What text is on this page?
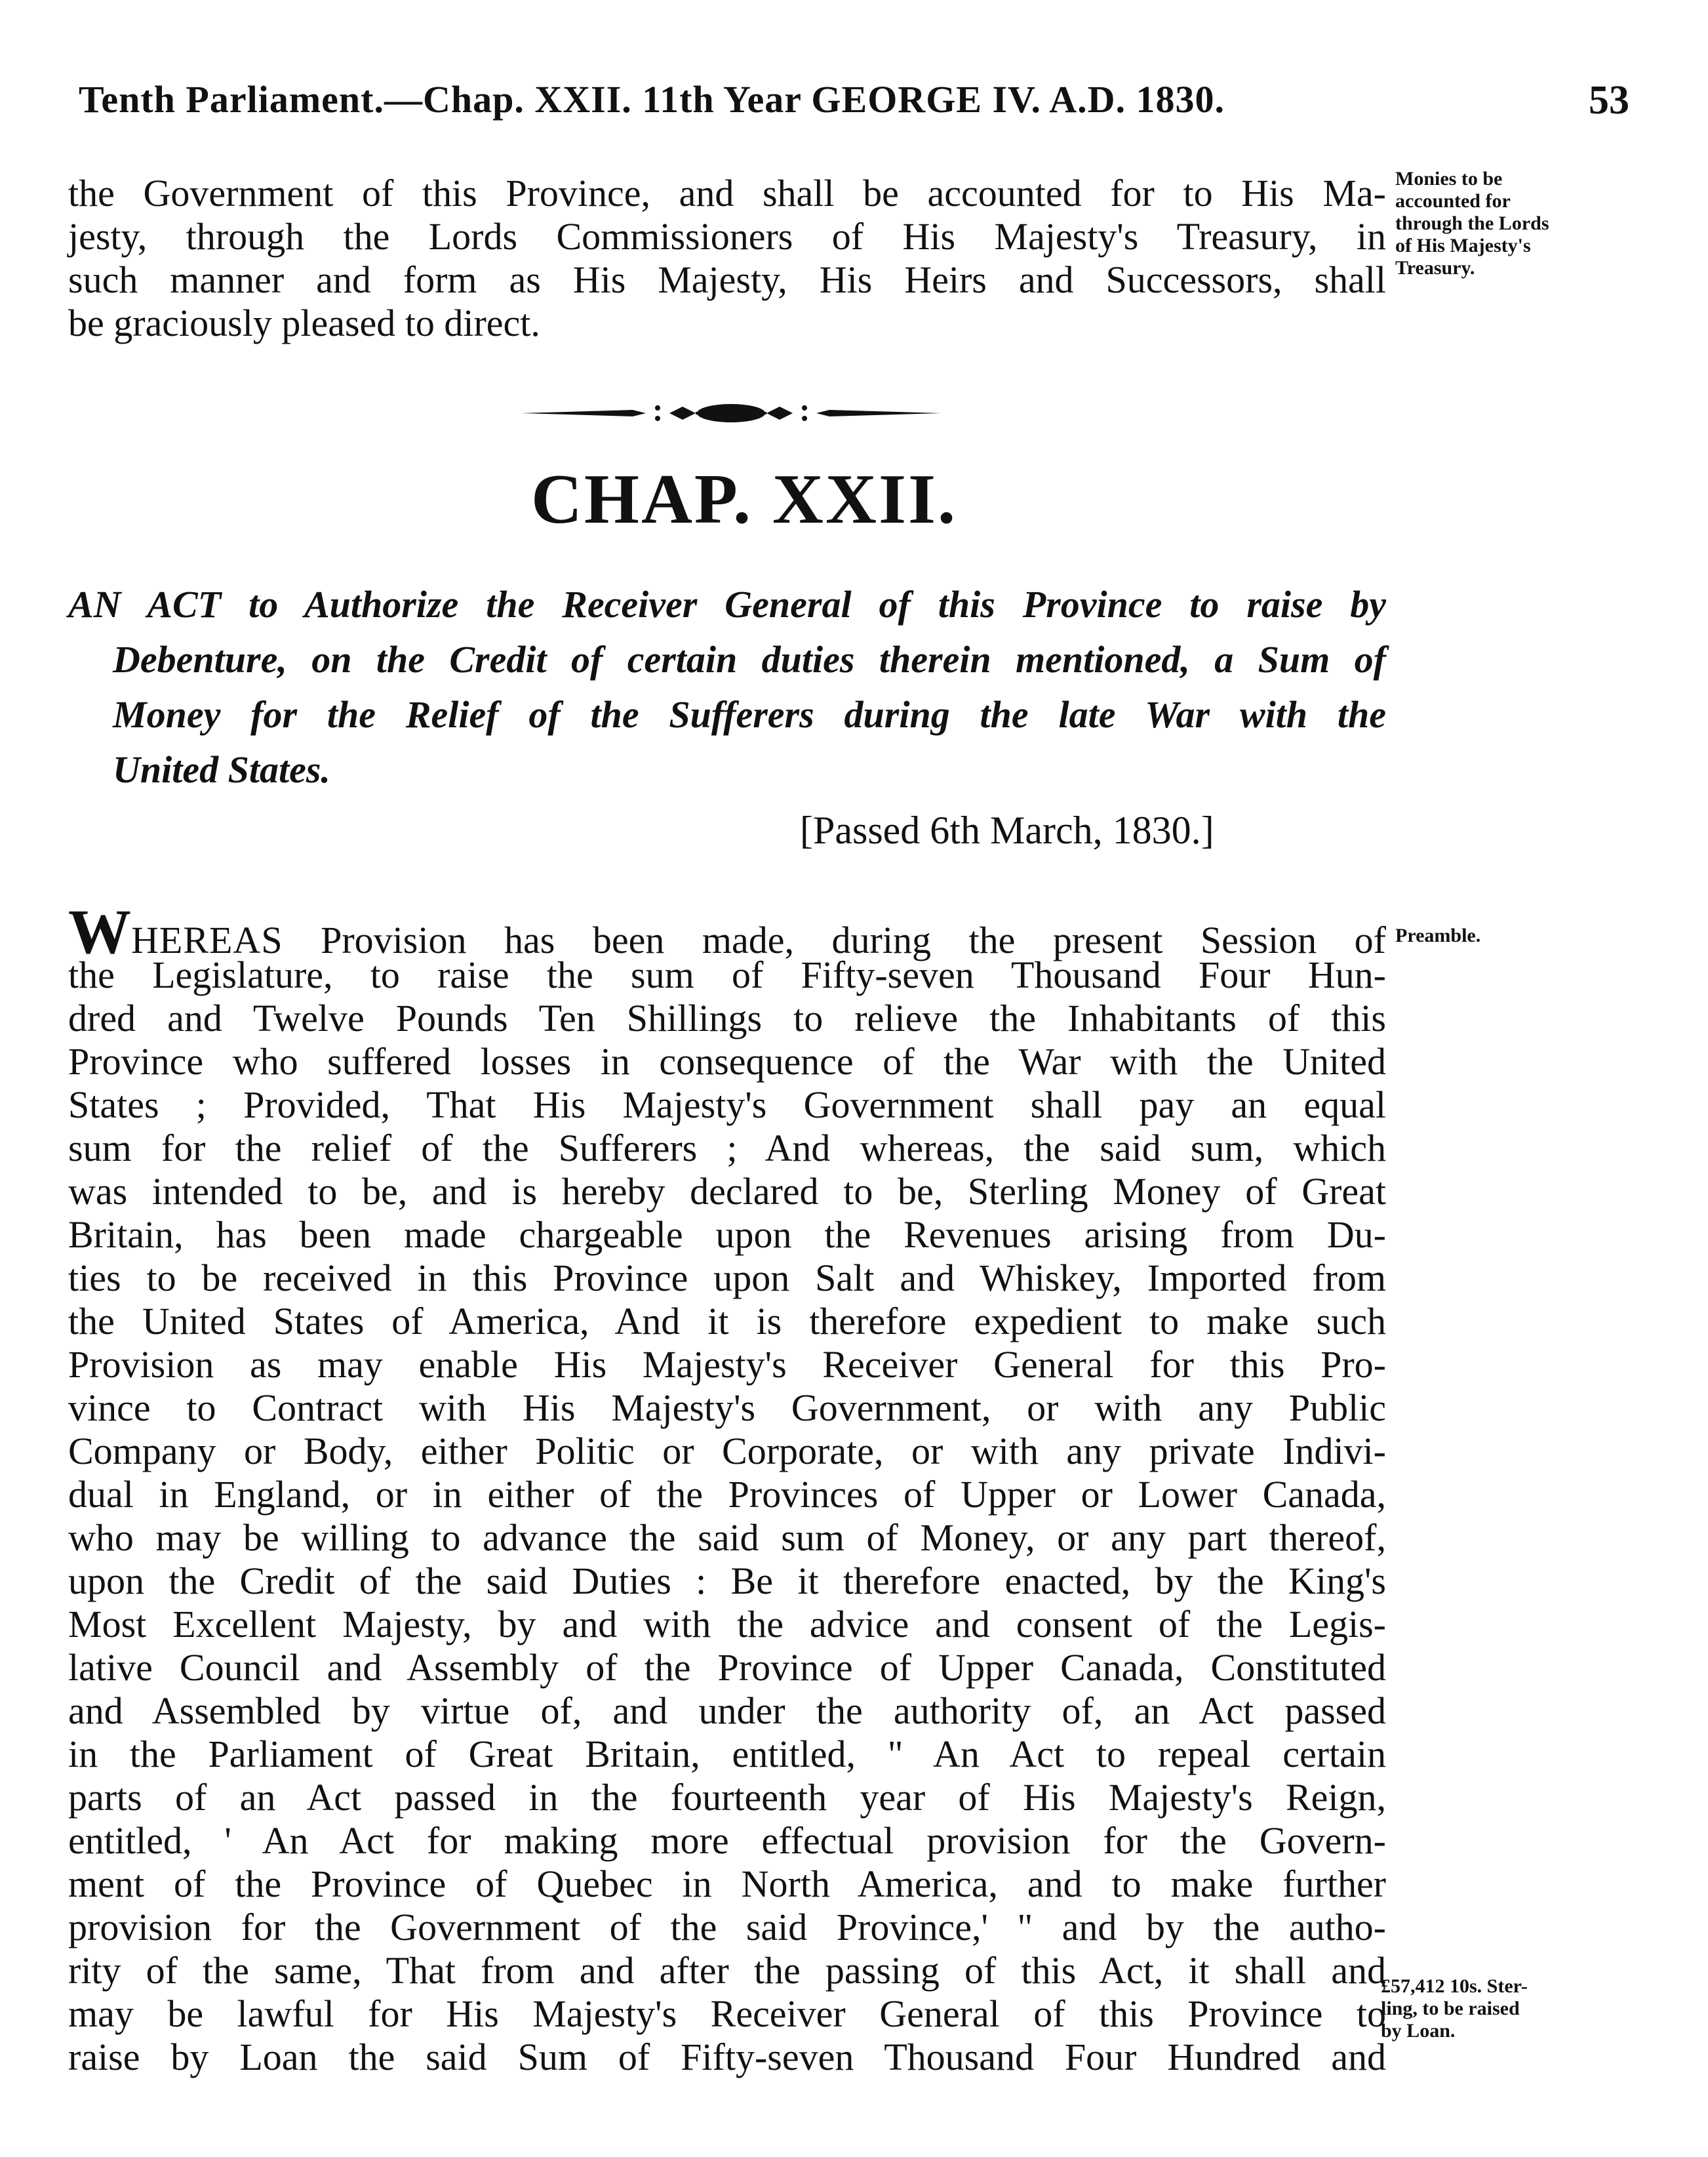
Tenth Parliament.—Chap. XXII. 11th Year GEORGE IV. A.D. 1830.	53
the Government of this Province, and shall be accounted for to His Ma-
jesty, through the Lords Commissioners of His Majesty's Treasury, in
such manner and form as His Majesty, His Heirs and Successors, shall
be graciously pleased to direct.
Monies to be
accounted for
through the Lords
of His Majesty's
Treasury.
CHAP. XXII.
AN ACT to Authorize the Receiver General of this Province to raise by
Debenture, on the Credit of certain duties therein mentioned, a Sum of
Money for the Relief of the Sufferers during the late War with the
United States.
[Passed 6th March, 1830.]
WHEREAS Provision has been made, during the present Session of
the Legislature, to raise the sum of Fifty-seven Thousand Four Hun-
dred and Twelve Pounds Ten Shillings to relieve the Inhabitants of this
Province who suffered losses in consequence of the War with the United
States ; Provided, That His Majesty's Government shall pay an equal
sum for the relief of the Sufferers ; And whereas, the said sum, which
was intended to be, and is hereby declared to be, Sterling Money of Great
Britain, has been made chargeable upon the Revenues arising from Du-
ties to be received in this Province upon Salt and Whiskey, Imported from
the United States of America, And it is therefore expedient to make such
Provision as may enable His Majesty's Receiver General for this Pro-
vince to Contract with His Majesty's Government, or with any Public
Company or Body, either Politic or Corporate, or with any private Indivi-
dual in England, or in either of the Provinces of Upper or Lower Canada,
who may be willing to advance the said sum of Money, or any part thereof,
upon the Credit of the said Duties : Be it therefore enacted, by the King's
Most Excellent Majesty, by and with the advice and consent of the Legis-
lative Council and Assembly of the Province of Upper Canada, Constituted
and Assembled by virtue of, and under the authority of, an Act passed
in the Parliament of Great Britain, entitled, " An Act to repeal certain
parts of an Act passed in the fourteenth year of His Majesty's Reign,
entitled, ' An Act for making more effectual provision for the Govern-
ment of the Province of Quebec in North America, and to make further
provision for the Government of the said Province,' " and by the autho-
rity of the same, That from and after the passing of this Act, it shall and
may be lawful for His Majesty's Receiver General of this Province to
raise by Loan the said Sum of Fifty-seven Thousand Four Hundred and
Preamble.
£57,412 10s. Ster-
ling, to be raised
by Loan.
